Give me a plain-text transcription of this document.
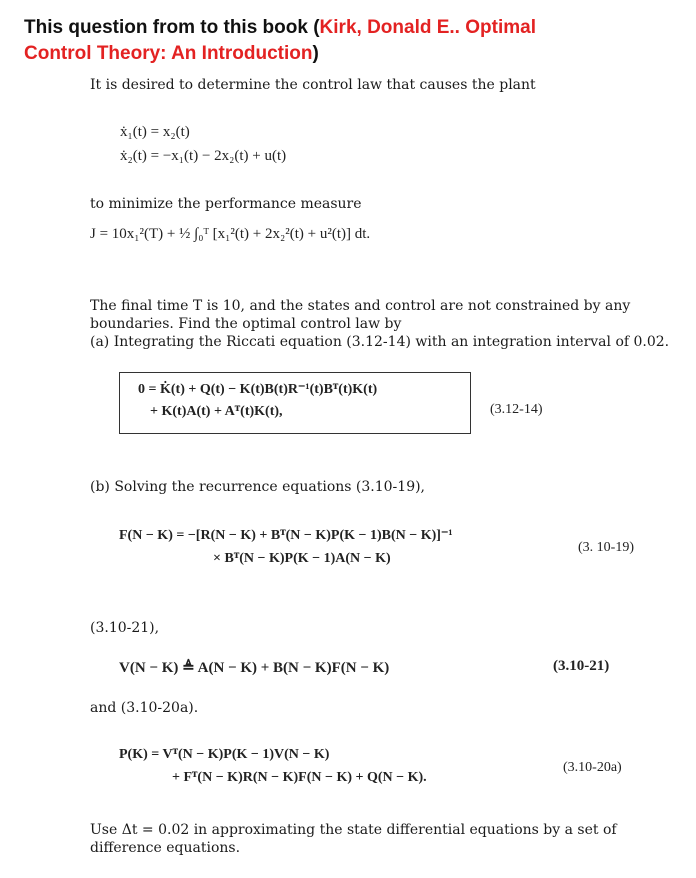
This question from to this book (Kirk, Donald E.. Optimal
Control Theory: An Introduction)
It is desired to determine the control law that causes the plant
ẋ₁(t) = x₂(t)
ẋ₂(t) = −x₁(t) − 2x₂(t) + u(t)
to minimize the performance measure
J = 10x₁²(T) + ½ ∫₀ᵀ [x₁²(t) + 2x₂²(t) + u²(t)] dt.
The final time T is 10, and the states and control are not constrained by any
boundaries. Find the optimal control law by
(a) Integrating the Riccati equation (3.12-14) with an integration interval of 0.02.
0 = K̇(t) + Q(t) − K(t)B(t)R⁻¹(t)Bᵀ(t)K(t)
+ K(t)A(t) + Aᵀ(t)K(t),	(3.12-14)
(b) Solving the recurrence equations (3.10-19),
F(N − K) = −[R(N − K) + Bᵀ(N − K)P(K − 1)B(N − K)]⁻¹
× Bᵀ(N − K)P(K − 1)A(N − K)
(3. 10-19)
(3.10-21),
V(N − K) ≜ A(N − K) + B(N − K)F(N − K)	(3.10-21)
and (3.10-20a).
P(K) = Vᵀ(N − K)P(K − 1)V(N − K)
+ Fᵀ(N − K)R(N − K)F(N − K) + Q(N − K).
(3.10-20a)
Use Δt = 0.02 in approximating the state differential equations by a set of
difference equations.
